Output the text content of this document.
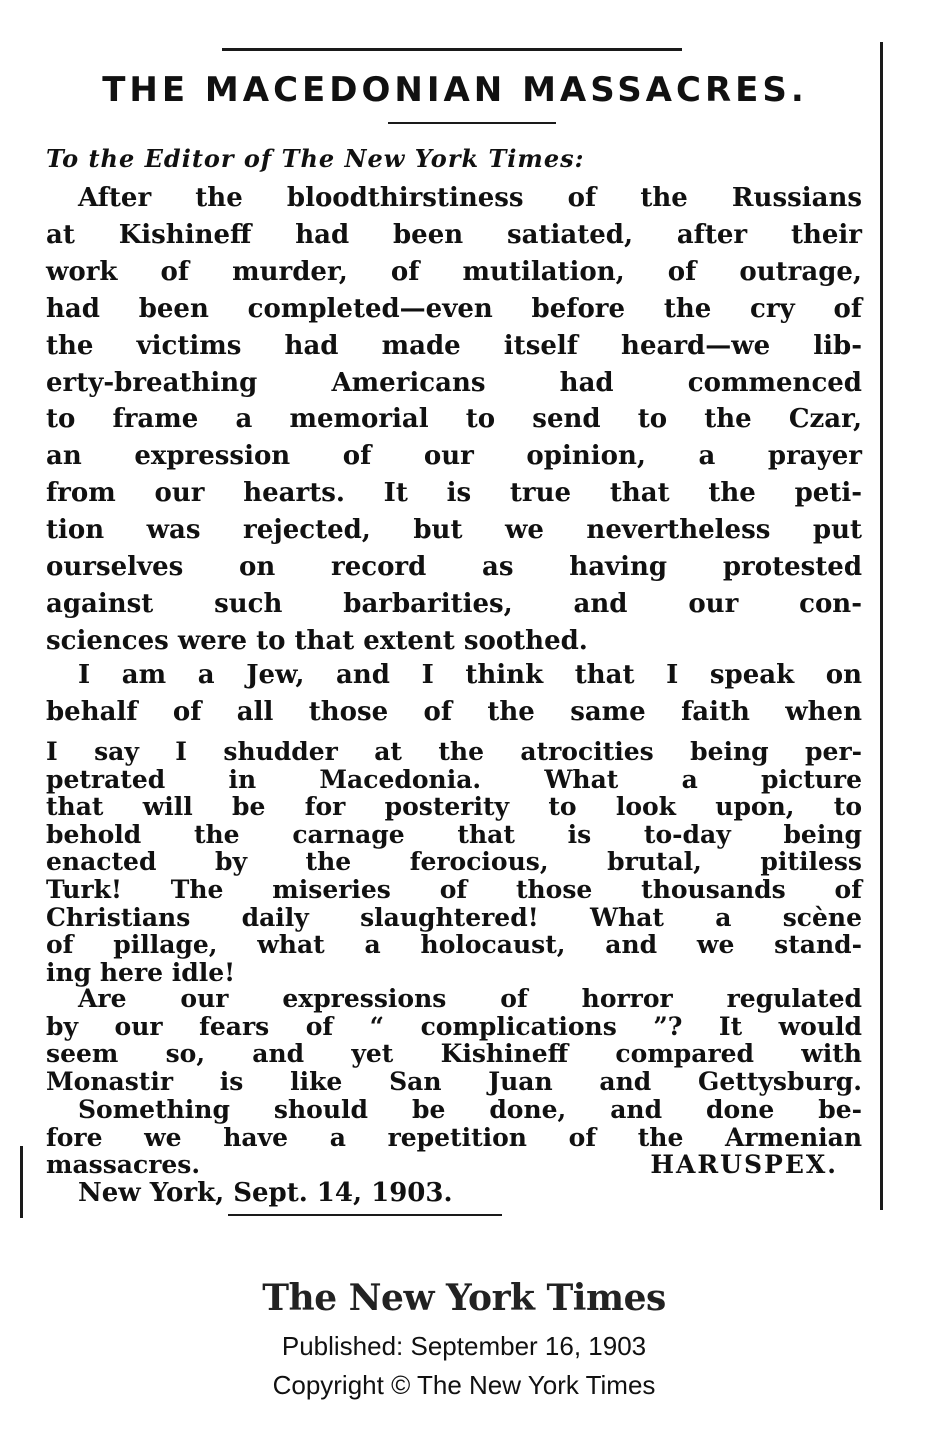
THE MACEDONIAN MASSACRES.
To the Editor of The New York Times:
After the bloodthirstiness of the Russians
at Kishineff had been satiated, after their
work of murder, of mutilation, of outrage,
had been completed—even before the cry of
the victims had made itself heard—we lib-
erty-breathing Americans had commenced
to frame a memorial to send to the Czar,
an expression of our opinion, a prayer
from our hearts. It is true that the peti-
tion was rejected, but we nevertheless put
ourselves on record as having protested
against such barbarities, and our con-
sciences were to that extent soothed.
I am a Jew, and I think that I speak on
behalf of all those of the same faith when
I say I shudder at the atrocities being per-
petrated in Macedonia. What a picture
that will be for posterity to look upon, to
behold the carnage that is to-day being
enacted by the ferocious, brutal, pitiless
Turk! The miseries of those thousands of
Christians daily slaughtered! What a scène
of pillage, what a holocaust, and we stand-
ing here idle!
Are our expressions of horror regulated
by our fears of “ complications ”? It would
seem so, and yet Kishineff compared with
Monastir is like San Juan and Gettysburg.
Something should be done, and done be-
fore we have a repetition of the Armenian
massacres.	HARUSPEX.
New York, Sept. 14, 1903.
The New York Times
Published: September 16, 1903
Copyright © The New York Times
